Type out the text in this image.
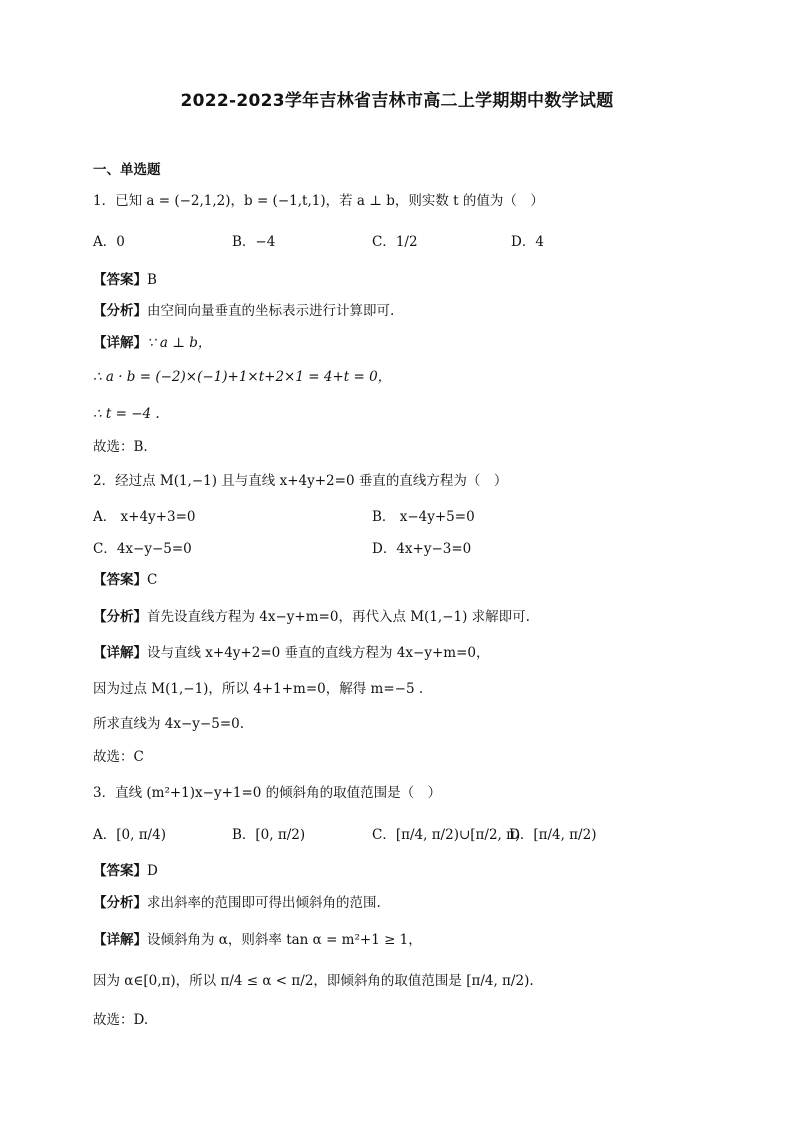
2022-2023学年吉林省吉林市高二上学期期中数学试题
一、单选题
1．已知 a = (−2,1,2)，b = (−1,t,1)，若 a ⊥ b，则实数 t 的值为（　）
A．0	B．−4	C．1/2	D．4
【答案】B
【分析】由空间向量垂直的坐标表示进行计算即可.
【详解】∵ a ⊥ b，
∴ a · b = (−2)×(−1)+1×t+2×1 = 4+t = 0，
∴ t = −4 .
故选：B.
2．经过点 M(1,−1) 且与直线 x+4y+2=0 垂直的直线方程为（　）
A． x+4y+3=0	B． x−4y+5=0
C．4x−y−5=0	D．4x+y−3=0
【答案】C
【分析】首先设直线方程为 4x−y+m=0，再代入点 M(1,−1) 求解即可.
【详解】设与直线 x+4y+2=0 垂直的直线方程为 4x−y+m=0，
因为过点 M(1,−1)，所以 4+1+m=0，解得 m=−5 .
所求直线为 4x−y−5=0.
故选：C
3．直线 (m²+1)x−y+1=0 的倾斜角的取值范围是（　）
A．[0, π/4)	B．[0, π/2)	C．[π/4, π/2)∪[π/2, π)
D．[π/4, π/2)
【答案】D
【分析】求出斜率的范围即可得出倾斜角的范围.
【详解】设倾斜角为 α，则斜率 tan α = m²+1 ≥ 1，
因为 α∈[0,π)，所以 π/4 ≤ α < π/2，即倾斜角的取值范围是 [π/4, π/2).
故选：D.
